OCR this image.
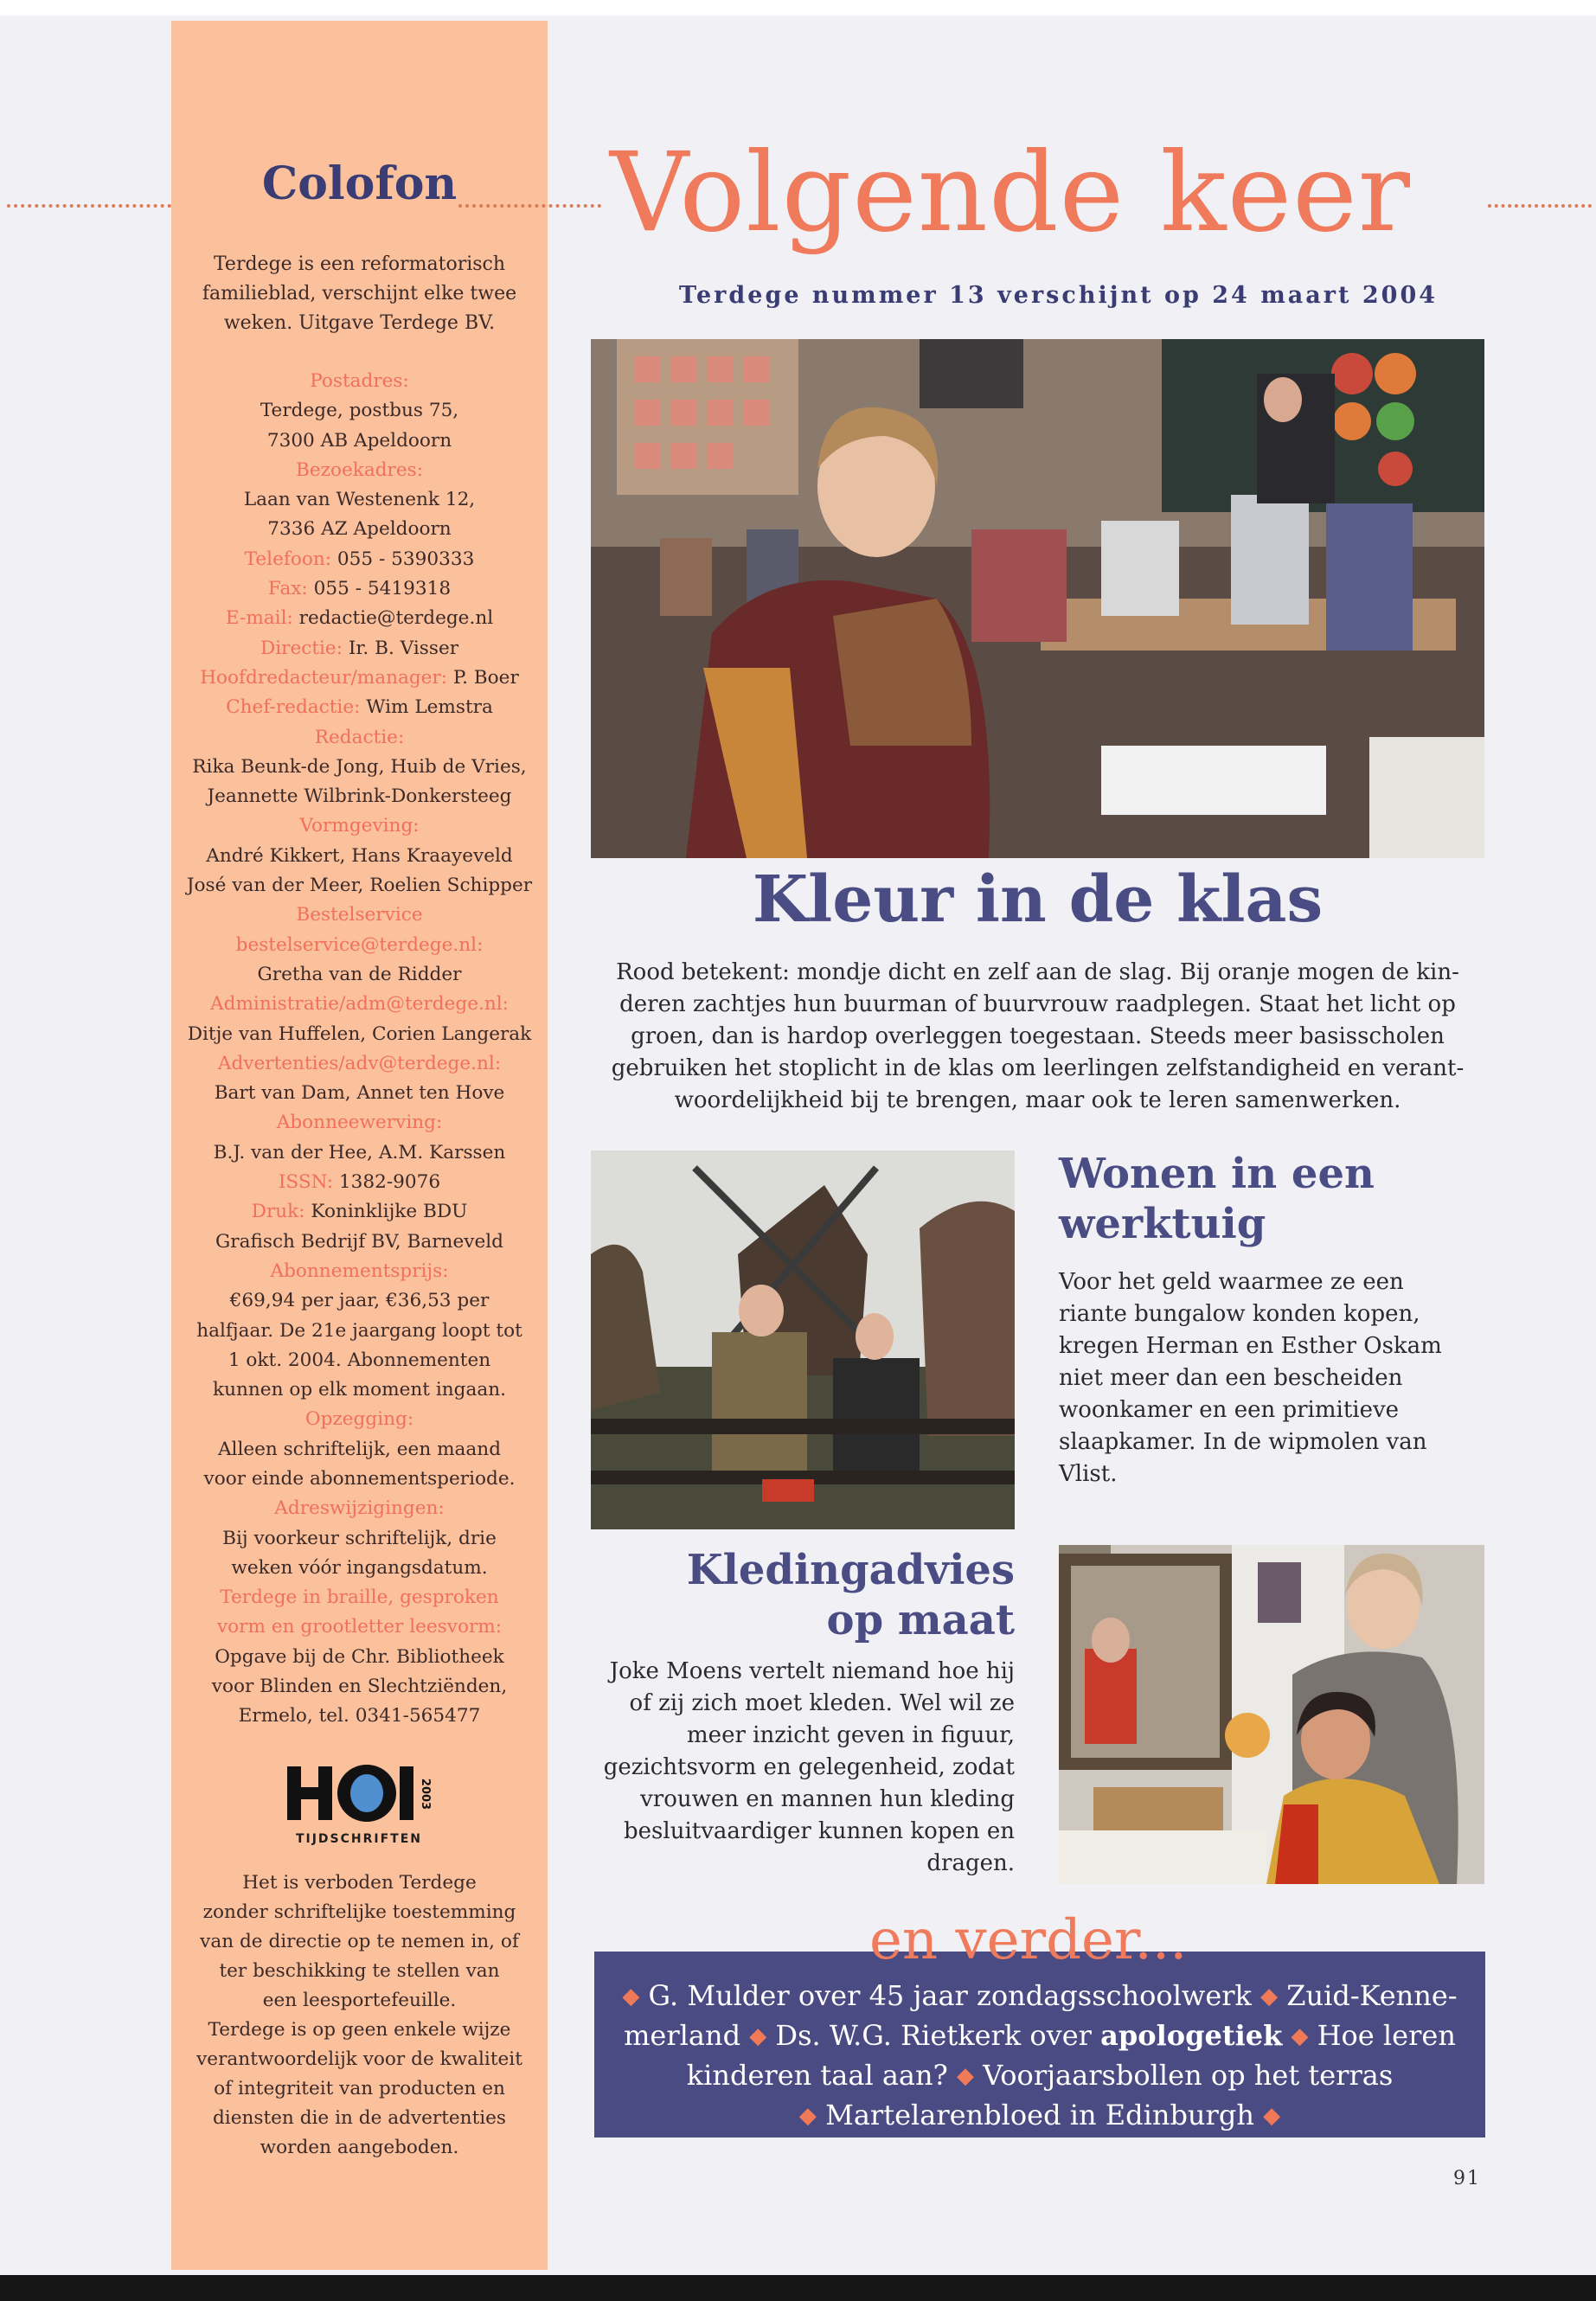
Colofon
Terdege is een reformatorisch
familieblad, verschijnt elke twee
weken. Uitgave Terdege BV.
Postadres:
Terdege, postbus 75,
7300 AB Apeldoorn
Bezoekadres:
Laan van Westenenk 12,
7336 AZ Apeldoorn
Telefoon: 055 - 5390333
Fax: 055 - 5419318
E-mail: redactie@terdege.nl
Directie: Ir. B. Visser
Hoofdredacteur/manager: P. Boer
Chef-redactie: Wim Lemstra
Redactie:
Rika Beunk-de Jong, Huib de Vries,
Jeannette Wilbrink-Donkersteeg
Vormgeving:
André Kikkert, Hans Kraayeveld
José van der Meer, Roelien Schipper
Bestelservice
bestelservice@terdege.nl:
Gretha van de Ridder
Administratie/adm@terdege.nl:
Ditje van Huffelen, Corien Langerak
Advertenties/adv@terdege.nl:
Bart van Dam, Annet ten Hove
Abonneewerving:
B.J. van der Hee, A.M. Karssen
ISSN: 1382-9076
Druk: Koninklijke BDU
Grafisch Bedrijf BV, Barneveld
Abonnementsprijs:
€69,94 per jaar, €36,53 per
halfjaar. De 21e jaargang loopt tot
1 okt. 2004. Abonnementen
kunnen op elk moment ingaan.
Opzegging:
Alleen schriftelijk, een maand
voor einde abonnementsperiode.
Adreswijzigingen:
Bij voorkeur schriftelijk, drie
weken vóór ingangsdatum.
Terdege in braille, gesproken
vorm en grootletter leesvorm:
Opgave bij de Chr. Bibliotheek
voor Blinden en Slechtziënden,
Ermelo, tel. 0341-565477
2003
TIJDSCHRIFTEN
Het is verboden Terdege
zonder schriftelijke toestemming
van de directie op te nemen in, of
ter beschikking te stellen van
een leesportefeuille.
Terdege is op geen enkele wijze
verantwoordelijk voor de kwaliteit
of integriteit van producten en
diensten die in de advertenties
worden aangeboden.
Volgende keer
Terdege nummer 13 verschijnt op 24 maart 2004
Kleur in de klas
Rood betekent: mondje dicht en zelf aan de slag. Bij oranje mogen de kin-
deren zachtjes hun buurman of buurvrouw raadplegen. Staat het licht op
groen, dan is hardop overleggen toegestaan. Steeds meer basisscholen
gebruiken het stoplicht in de klas om leerlingen zelfstandigheid en verant-
woordelijkheid bij te brengen, maar ook te leren samenwerken.
Wonen in een
werktuig
Voor het geld waarmee ze een
riante bungalow konden kopen,
kregen Herman en Esther Oskam
niet meer dan een bescheiden
woonkamer en een primitieve
slaapkamer. In de wipmolen van
Vlist.
Kledingadvies
op maat
Joke Moens vertelt niemand hoe hij
of zij zich moet kleden. Wel wil ze
meer inzicht geven in figuur,
gezichtsvorm en gelegenheid, zodat
vrouwen en mannen hun kleding
besluitvaardiger kunnen kopen en
dragen.
◆ G. Mulder over 45 jaar zondagsschoolwerk ◆ Zuid-Kenne-
merland ◆ Ds. W.G. Rietkerk over apologetiek ◆ Hoe leren
kinderen taal aan? ◆ Voorjaarsbollen op het terras
◆ Martelarenbloed in Edinburgh ◆
en verder...
91
